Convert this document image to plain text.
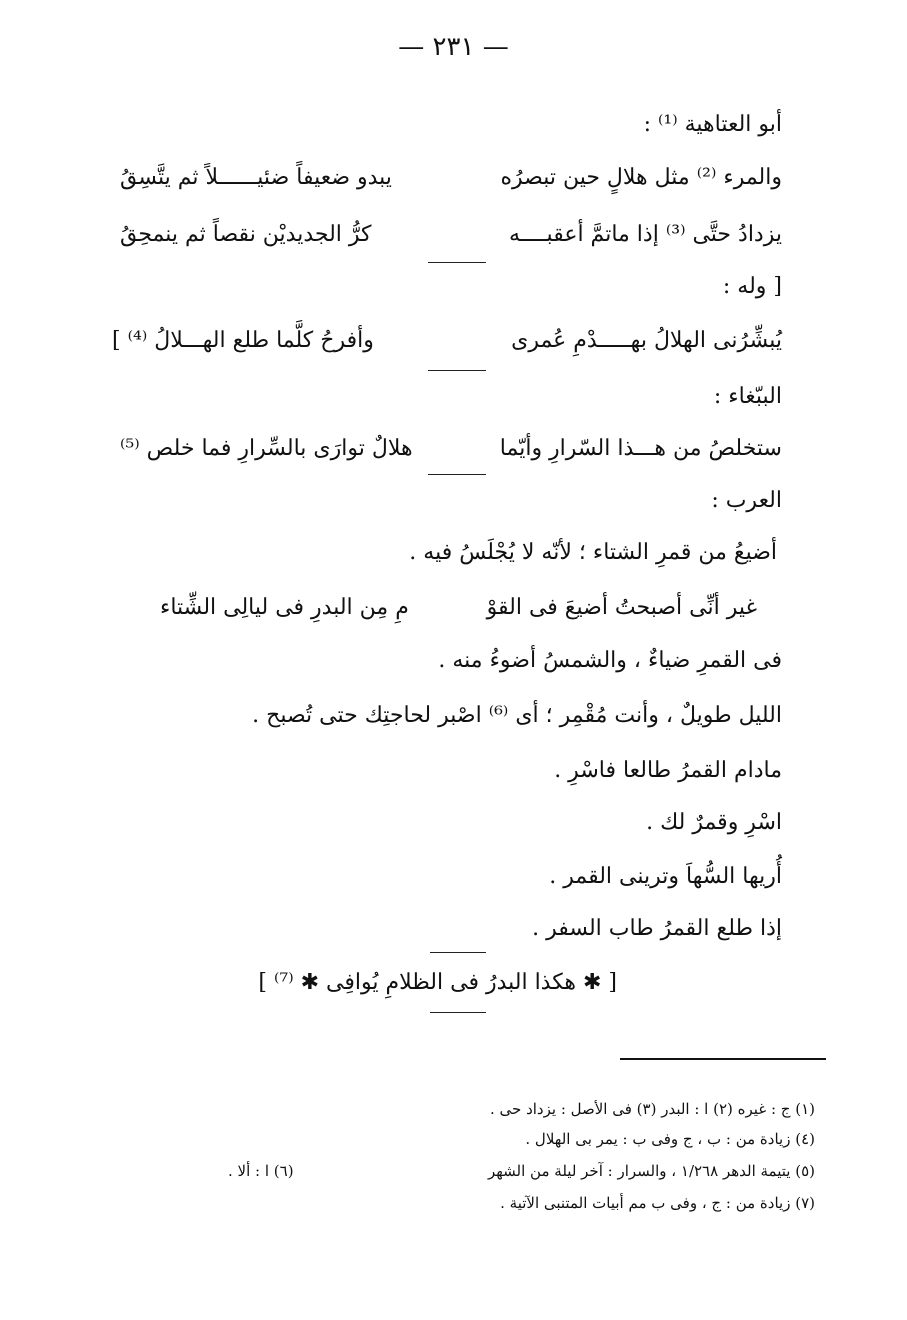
— ٢٣١ —
أبو العتاهية ⁽¹⁾ :
والمرء ⁽²⁾ مثل هلالٍ حين تبصرُه
يبدو ضعيفاً ضئيــــــلاً ثم يتَّسِقُ
يزدادُ حتَّى ⁽³⁾ إذا ماتمَّ أعقبــــه
كرُّ الجديديْن نقصاً ثم ينمحِقُ
[ وله :
يُبشِّرُنى الهلالُ بهـــــدْمِ عُمرى
وأفرحُ كلَّما طلع الهـــلالُ ⁽⁴⁾ ]
الببّغاء :
ستخلصُ من هـــذا السّرارِ وأيّما
هلالٌ توارَى بالسِّرارِ فما خلص ⁽⁵⁾
العرب :
أضيعُ من قمرِ الشتاء ؛ لأنّه لا يُجْلَسُ فيه .
غير أنِّى أصبحتُ أضيعَ فى القوْ
مِ مِن البدرِ فى ليالِى الشِّتاء
فى القمرِ ضياءٌ ، والشمسُ أضوءُ منه .
الليل طويلٌ ، وأنت مُقْمِر ؛ أى ⁽⁶⁾ اصْبر لحاجتِك حتى تُصبح .
مادام القمرُ طالعا فاسْرِ .
اسْرِ وقمرٌ لك .
أُريها السُّهاَ وترينى القمر .
إذا طلع القمرُ طاب السفر .
[ ✱ هكذا البدرُ فى الظلامِ يُوافِى ✱ ⁽⁷⁾ ]
(١) ج : غيره (٢) ا : البدر (٣) فى الأصل : يزداد حى .
(٤) زيادة من : ب ، ج وفى ب : يمر بى الهلال .
(٥) يتيمة الدهر ١/٢٦٨ ، والسرار : آخر ليلة من الشهر
(٦) ا : ألا .
(٧) زيادة من : ج ، وفى ب مم أبيات المتنبى الآتية .
